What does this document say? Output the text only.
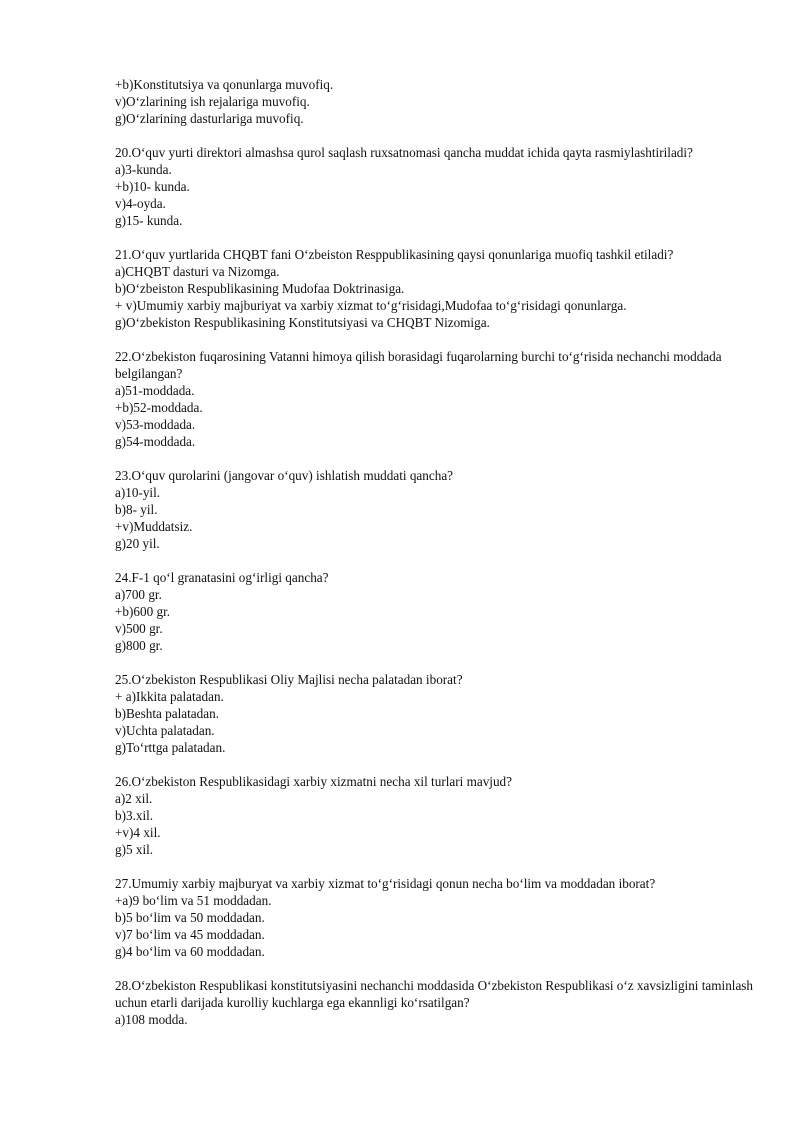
+b)Konstitutsiya va qonunlarga muvofiq.
v)O‘zlarining ish rejalariga muvofiq.
g)O‘zlarining dasturlariga muvofiq.
20.O‘quv yurti direktori almashsa qurol saqlash ruxsatnomasi qancha muddat ichida qayta rasmiylashtiriladi?
a)3-kunda.
+b)10- kunda.
v)4-oyda.
g)15- kunda.
21.O‘quv yurtlarida CHQBT fani O‘zbeiston Resppublikasining qaysi qonunlariga muofiq tashkil etiladi?
a)CHQBT dasturi va Nizomga.
b)O‘zbeiston Respublikasining Mudofaa Doktrinasiga.
+ v)Umumiy xarbiy majburiyat va xarbiy xizmat to‘g‘risidagi,Mudofaa to‘g‘risidagi qonunlarga.
g)O‘zbekiston Respublikasining Konstitutsiyasi va CHQBT Nizomiga.
22.O‘zbekiston fuqarosining Vatanni himoya qilish borasidagi fuqarolarning burchi to‘g‘risida nechanchi moddada belgilangan?
a)51-moddada.
+b)52-moddada.
v)53-moddada.
g)54-moddada.
23.O‘quv qurolarini (jangovar o‘quv) ishlatish muddati qancha?
a)10-yil.
b)8- yil.
+v)Muddatsiz.
g)20 yil.
24.F-1 qo‘l granatasini og‘irligi qancha?
a)700 gr.
+b)600 gr.
v)500 gr.
g)800 gr.
25.O‘zbekiston Respublikasi Oliy Majlisi necha palatadan iborat?
+ a)Ikkita palatadan.
b)Beshta palatadan.
v)Uchta palatadan.
g)To‘rttga palatadan.
26.O‘zbekiston Respublikasidagi xarbiy xizmatni necha xil turlari mavjud?
a)2 xil.
b)3.xil.
+v)4 xil.
g)5 xil.
27.Umumiy xarbiy majburyat va xarbiy xizmat to‘g‘risidagi qonun necha bo‘lim va moddadan iborat?
+a)9 bo‘lim va 51 moddadan.
b)5 bo‘lim va 50 moddadan.
v)7 bo‘lim va 45 moddadan.
g)4 bo‘lim va 60 moddadan.
28.O‘zbekiston Respublikasi konstitutsiyasini nechanchi moddasida O‘zbekiston Respublikasi o‘z xavsizligini taminlash uchun etarli darijada kurolliy kuchlarga ega ekannligi ko‘rsatilgan?
a)108 modda.
